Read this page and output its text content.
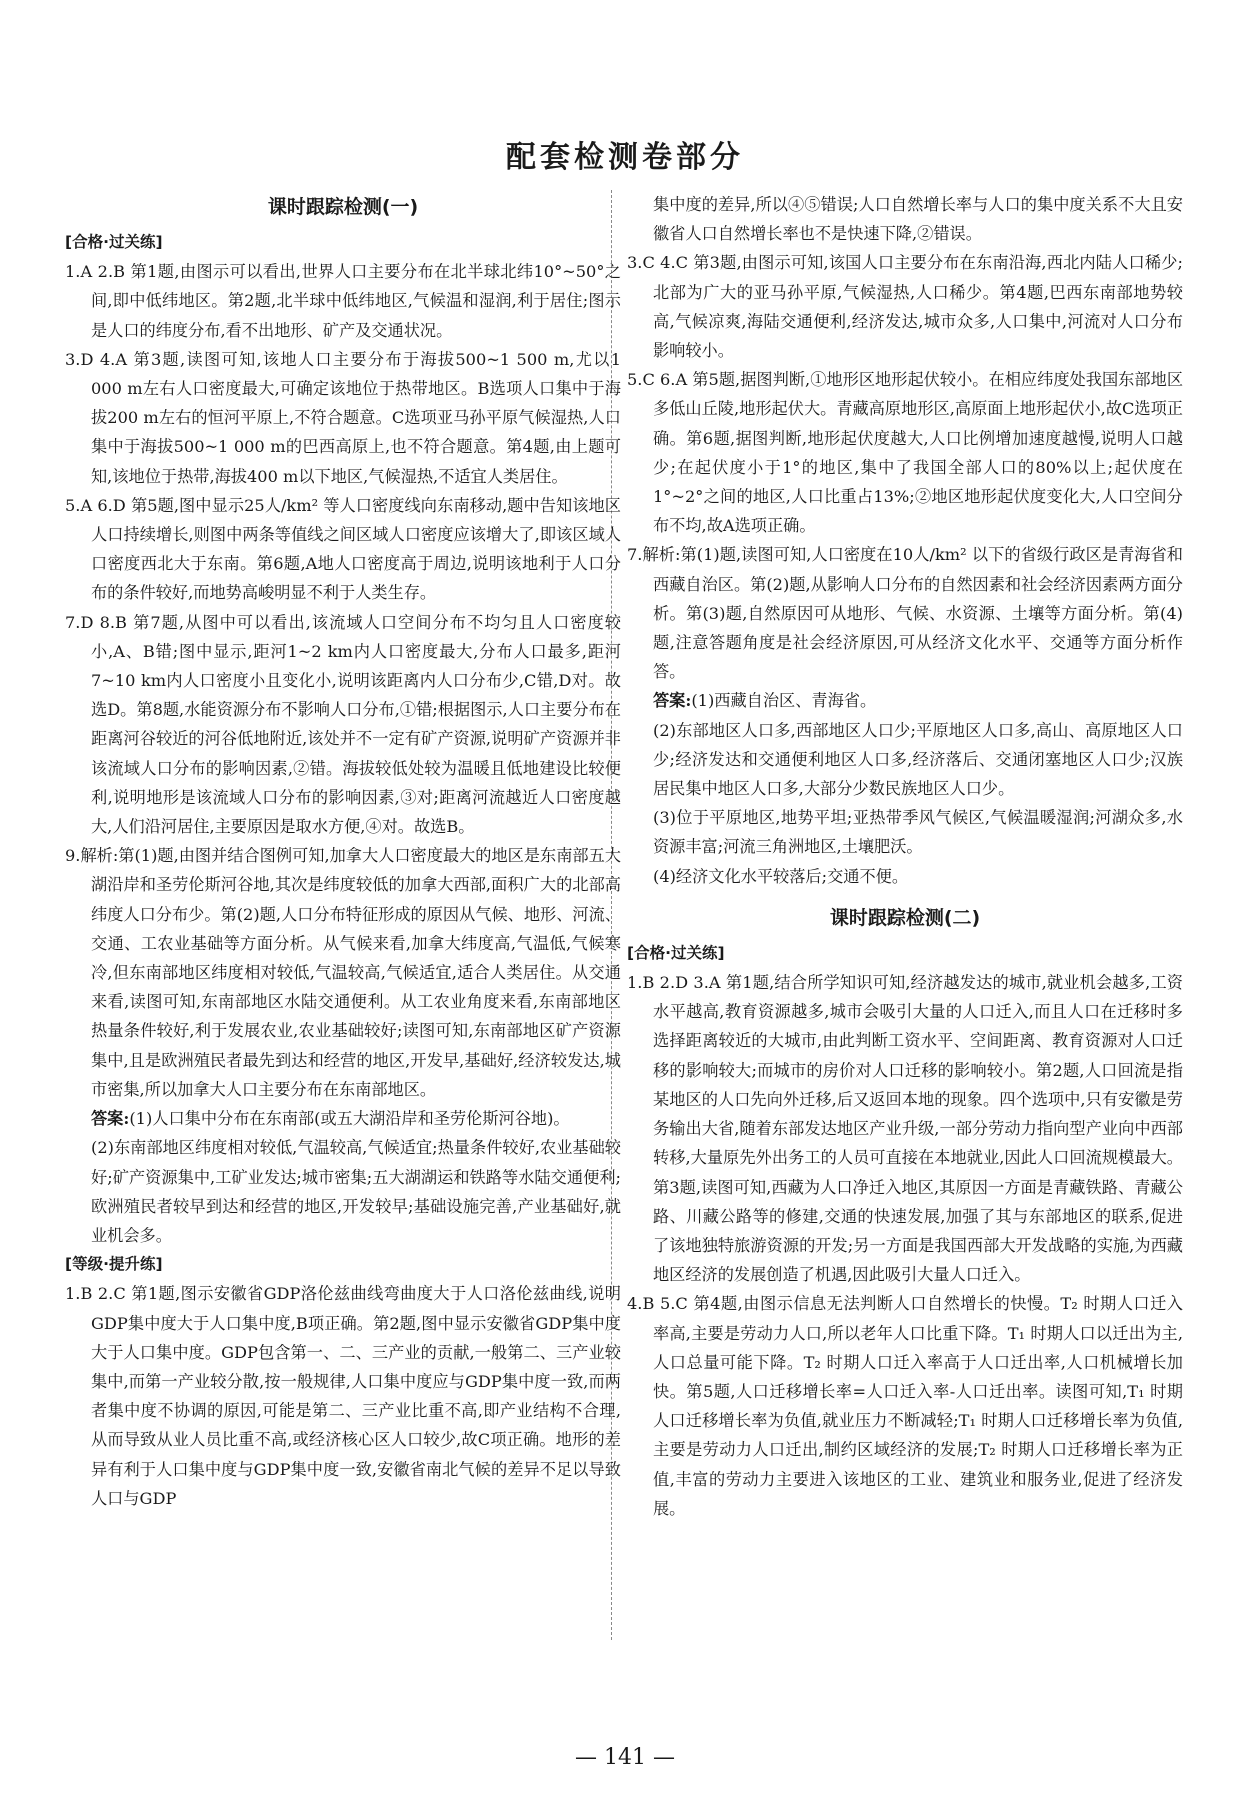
配套检测卷部分
课时跟踪检测(一)
[合格·过关练]

1.A 2.B 第1题,由图示可以看出,世界人口主要分布在北半球北纬10°~50°之间,即中低纬地区。第2题,北半球中低纬地区,气候温和湿润,利于居住;图示是人口的纬度分布,看不出地形、矿产及交通状况。

3.D 4.A 第3题,读图可知,该地人口主要分布于海拔500~1 500 m,尤以1 000 m左右人口密度最大,可确定该地位于热带地区。B选项人口集中于海拔200 m左右的恒河平原上,不符合题意。C选项亚马孙平原气候湿热,人口集中于海拔500~1 000 m的巴西高原上,也不符合题意。第4题,由上题可知,该地位于热带,海拔400 m以下地区,气候湿热,不适宜人类居住。

5.A 6.D 第5题,图中显示25人/km² 等人口密度线向东南移动,题中告知该地区人口持续增长,则图中两条等值线之间区域人口密度应该增大了,即该区域人口密度西北大于东南。第6题,A地人口密度高于周边,说明该地利于人口分布的条件较好,而地势高峻明显不利于人类生存。

7.D 8.B 第7题,从图中可以看出,该流域人口空间分布不均匀且人口密度较小,A、B错;图中显示,距河1~2 km内人口密度最大,分布人口最多,距河7~10 km内人口密度小且变化小,说明该距离内人口分布少,C错,D对。故选D。第8题,水能资源分布不影响人口分布,①错;根据图示,人口主要分布在距离河谷较近的河谷低地附近,该处并不一定有矿产资源,说明矿产资源并非该流域人口分布的影响因素,②错。海拔较低处较为温暖且低地建设比较便利,说明地形是该流域人口分布的影响因素,③对;距离河流越近人口密度越大,人们沿河居住,主要原因是取水方便,④对。故选B。

9.解析:第(1)题,由图并结合图例可知,加拿大人口密度最大的地区是东南部五大湖沿岸和圣劳伦斯河谷地,其次是纬度较低的加拿大西部,面积广大的北部高纬度人口分布少。第(2)题,人口分布特征形成的原因从气候、地形、河流、交通、工农业基础等方面分析。从气候来看,加拿大纬度高,气温低,气候寒冷,但东南部地区纬度相对较低,气温较高,气候适宜,适合人类居住。从交通来看,读图可知,东南部地区水陆交通便利。从工农业角度来看,东南部地区热量条件较好,利于发展农业,农业基础较好;读图可知,东南部地区矿产资源集中,且是欧洲殖民者最先到达和经营的地区,开发早,基础好,经济较发达,城市密集,所以加拿大人口主要分布在东南部地区。

答案:(1)人口集中分布在东南部(或五大湖沿岸和圣劳伦斯河谷地)。

(2)东南部地区纬度相对较低,气温较高,气候适宜;热量条件较好,农业基础较好;矿产资源集中,工矿业发达;城市密集;五大湖湖运和铁路等水陆交通便利;欧洲殖民者较早到达和经营的地区,开发较早;基础设施完善,产业基础好,就业机会多。

[等级·提升练]

1.B 2.C 第1题,图示安徽省GDP洛伦兹曲线弯曲度大于人口洛伦兹曲线,说明GDP集中度大于人口集中度,B项正确。第2题,图中显示安徽省GDP集中度大于人口集中度。GDP包含第一、二、三产业的贡献,一般第二、三产业较集中,而第一产业较分散,按一般规律,人口集中度应与GDP集中度一致,而两者集中度不协调的原因,可能是第二、三产业比重不高,即产业结构不合理,从而导致从业人员比重不高,或经济核心区人口较少,故C项正确。地形的差异有利于人口集中度与GDP集中度一致,安徽省南北气候的差异不足以导致人口与GDP

集中度的差异,所以④⑤错误;人口自然增长率与人口的集中度关系不大且安徽省人口自然增长率也不是快速下降,②错误。

3.C 4.C 第3题,由图示可知,该国人口主要分布在东南沿海,西北内陆人口稀少;北部为广大的亚马孙平原,气候湿热,人口稀少。第4题,巴西东南部地势较高,气候凉爽,海陆交通便利,经济发达,城市众多,人口集中,河流对人口分布影响较小。

5.C 6.A 第5题,据图判断,①地形区地形起伏较小。在相应纬度处我国东部地区多低山丘陵,地形起伏大。青藏高原地形区,高原面上地形起伏小,故C选项正确。第6题,据图判断,地形起伏度越大,人口比例增加速度越慢,说明人口越少;在起伏度小于1°的地区,集中了我国全部人口的80%以上;起伏度在1°~2°之间的地区,人口比重占13%;②地区地形起伏度变化大,人口空间分布不均,故A选项正确。

7.解析:第(1)题,读图可知,人口密度在10人/km² 以下的省级行政区是青海省和西藏自治区。第(2)题,从影响人口分布的自然因素和社会经济因素两方面分析。第(3)题,自然原因可从地形、气候、水资源、土壤等方面分析。第(4)题,注意答题角度是社会经济原因,可从经济文化水平、交通等方面分析作答。

答案:(1)西藏自治区、青海省。

(2)东部地区人口多,西部地区人口少;平原地区人口多,高山、高原地区人口少;经济发达和交通便利地区人口多,经济落后、交通闭塞地区人口少;汉族居民集中地区人口多,大部分少数民族地区人口少。

(3)位于平原地区,地势平坦;亚热带季风气候区,气候温暖湿润;河湖众多,水资源丰富;河流三角洲地区,土壤肥沃。

(4)经济文化水平较落后;交通不便。

课时跟踪检测(二)
[合格·过关练]

1.B 2.D 3.A 第1题,结合所学知识可知,经济越发达的城市,就业机会越多,工资水平越高,教育资源越多,城市会吸引大量的人口迁入,而且人口在迁移时多选择距离较近的大城市,由此判断工资水平、空间距离、教育资源对人口迁移的影响较大;而城市的房价对人口迁移的影响较小。第2题,人口回流是指某地区的人口先向外迁移,后又返回本地的现象。四个选项中,只有安徽是劳务输出大省,随着东部发达地区产业升级,一部分劳动力指向型产业向中西部转移,大量原先外出务工的人员可直接在本地就业,因此人口回流规模最大。第3题,读图可知,西藏为人口净迁入地区,其原因一方面是青藏铁路、青藏公路、川藏公路等的修建,交通的快速发展,加强了其与东部地区的联系,促进了该地独特旅游资源的开发;另一方面是我国西部大开发战略的实施,为西藏地区经济的发展创造了机遇,因此吸引大量人口迁入。

4.B 5.C 第4题,由图示信息无法判断人口自然增长的快慢。T₂ 时期人口迁入率高,主要是劳动力人口,所以老年人口比重下降。T₁ 时期人口以迁出为主,人口总量可能下降。T₂ 时期人口迁入率高于人口迁出率,人口机械增长加快。第5题,人口迁移增长率=人口迁入率-人口迁出率。读图可知,T₁ 时期人口迁移增长率为负值,就业压力不断减轻;T₁ 时期人口迁移增长率为负值,主要是劳动力人口迁出,制约区域经济的发展;T₂ 时期人口迁移增长率为正值,丰富的劳动力主要进入该地区的工业、建筑业和服务业,促进了经济发展。

— 141 —
